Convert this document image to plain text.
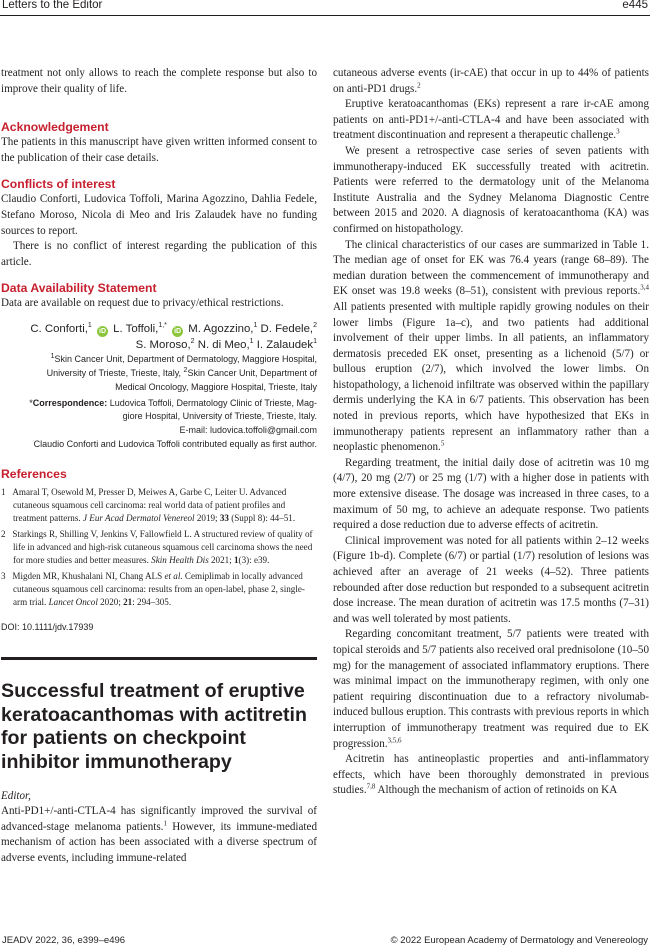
Letters to the Editor	e445

treatment not only allows to reach the complete response but also to improve their quality of life.

Acknowledgement

The patients in this manuscript have given written informed consent to the publication of their case details.

Conflicts of interest

Claudio Conforti, Ludovica Toffoli, Marina Agozzino, Dahlia Fedele, Stefano Moroso, Nicola di Meo and Iris Zalaudek have no funding sources to report.

There is no conflict of interest regarding the publication of this article.

Data Availability Statement

Data are available on request due to privacy/ethical restrictions.

C. Conforti,$^1$ iD L. Toffoli,$^{1,*}$ iD M. Agozzino,$^1$ D. Fedele,$^2$
S. Moroso,$^2$ N. di Meo,$^1$ I. Zalaudek$^1$
$^1$Skin Cancer Unit, Department of Dermatology, Maggiore Hospital,
University of Trieste, Trieste, Italy, $^2$Skin Cancer Unit, Department of
Medical Oncology, Maggiore Hospital, Trieste, Italy
*Correspondence: Ludovica Toffoli, Dermatology Clinic of Trieste, Mag-
giore Hospital, University of Trieste, Trieste, Italy.
E-mail: ludovica.toffoli@gmail.com
Claudio Conforti and Ludovica Toffoli contributed equally as first author.
References
1   Amaral T, Osewold M, Presser D, Meiwes A, Garbe C, Leiter U. Advanced cutaneous squamous cell carcinoma: real world data of patient profiles and treatment patterns. J Eur Acad Dermatol Venereol 2019; 33 (Suppl 8): 44–51.
2   Starkings R, Shilling V, Jenkins V, Fallowfield L. A structured review of quality of life in advanced and high-risk cutaneous squamous cell carcinoma shows the need for more studies and better measures. Skin Health Dis 2021; 1(3): e39.
3   Migden MR, Khushalani NI, Chang ALS et al. Cemiplimab in locally advanced cutaneous squamous cell carcinoma: results from an open-label, phase 2, single-arm trial. Lancet Oncol 2020; 21: 294–305.
DOI: 10.1111/jdv.17939
Successful treatment of eruptive keratoacanthomas with actitretin for patients on checkpoint inhibitor immunotherapy

Editor,

Anti-PD1+/-anti-CTLA-4 has significantly improved the survival of advanced-stage melanoma patients.$^1$ However, its immune-mediated mechanism of action has been associated with a diverse spectrum of adverse events, including immune-related

cutaneous adverse events (ir-cAE) that occur in up to 44% of patients on anti-PD1 drugs.$^2$

Eruptive keratoacanthomas (EKs) represent a rare ir-cAE among patients on anti-PD1+/-anti-CTLA-4 and have been associated with treatment discontinuation and represent a therapeutic challenge.$^3$

We present a retrospective case series of seven patients with immunotherapy-induced EK successfully treated with acitretin. Patients were referred to the dermatology unit of the Melanoma Institute Australia and the Sydney Melanoma Diagnostic Centre between 2015 and 2020. A diagnosis of keratoacanthoma (KA) was confirmed on histopathology.

The clinical characteristics of our cases are summarized in Table 1. The median age of onset for EK was 76.4 years (range 68–89). The median duration between the commencement of immunotherapy and EK onset was 19.8 weeks (8–51), consistent with previous reports.$^{3,4}$ All patients presented with multiple rapidly growing nodules on their lower limbs (Figure 1a–c), and two patients had additional involvement of their upper limbs. In all patients, an inflammatory dermatosis preceded EK onset, presenting as a lichenoid (5/7) or bullous eruption (2/7), which involved the lower limbs. On histopathology, a lichenoid infiltrate was observed within the papillary dermis underlying the KA in 6/7 patients. This observation has been noted in previous reports, which have hypothesized that EKs in immunotherapy patients represent an inflammatory rather than a neoplastic phenomenon.$^5$

Regarding treatment, the initial daily dose of acitretin was 10 mg (4/7), 20 mg (2/7) or 25 mg (1/7) with a higher dose in patients with more extensive disease. The dosage was increased in three cases, to a maximum of 50 mg, to achieve an adequate response. Two patients required a dose reduction due to adverse effects of acitretin.

Clinical improvement was noted for all patients within 2–12 weeks (Figure 1b-d). Complete (6/7) or partial (1/7) resolution of lesions was achieved after an average of 21 weeks (4–52). Three patients rebounded after dose reduction but responded to a subsequent acitretin dose increase. The mean duration of acitretin was 17.5 months (7–31) and was well tolerated by most patients.

Regarding concomitant treatment, 5/7 patients were treated with topical steroids and 5/7 patients also received oral prednisolone (10–50 mg) for the management of associated inflammatory eruptions. There was minimal impact on the immunotherapy regimen, with only one patient requiring discontinuation due to a refractory nivolumab-induced bullous eruption. This contrasts with previous reports in which interruption of immunotherapy treatment was required due to EK progression.$^{3,5,6}$

Acitretin has antineoplastic properties and anti-inflammatory effects, which have been thoroughly demonstrated in previous studies.$^{7,8}$ Although the mechanism of action of retinoids on KA

JEADV 2022, 36, e399–e496	© 2022 European Academy of Dermatology and Venereology
